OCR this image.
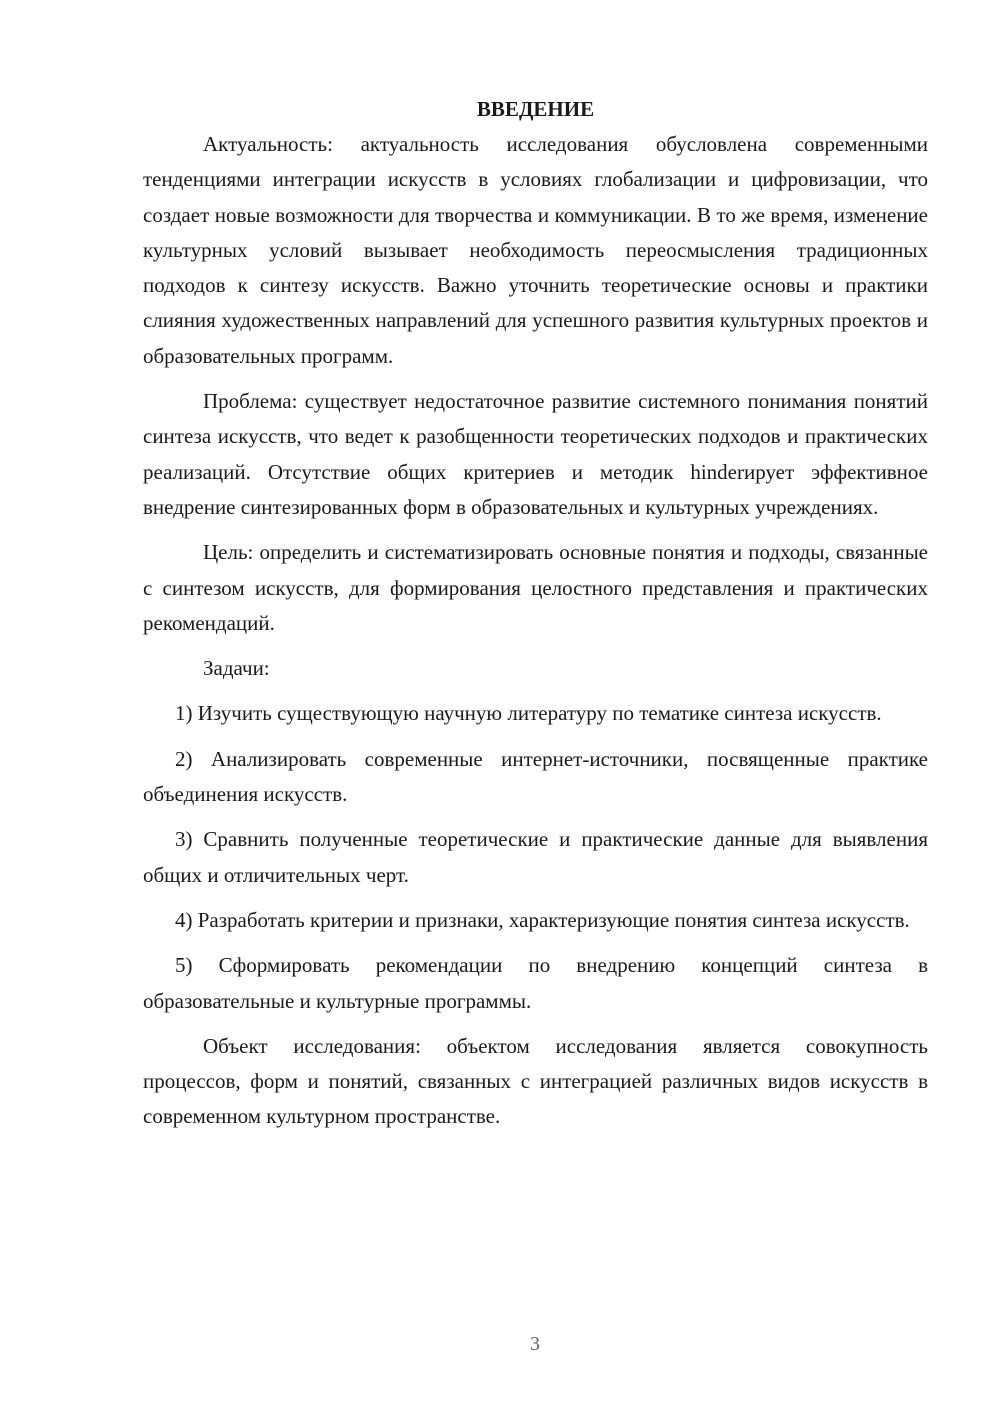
ВВЕДЕНИЕ

Актуальность: актуальность исследования обусловлена современными тенденциями интеграции искусств в условиях глобализации и цифровизации, что создает новые возможности для творчества и коммуникации. В то же время, изменение культурных условий вызывает необходимость переосмысления традиционных подходов к синтезу искусств. Важно уточнить теоретические основы и практики слияния художественных направлений для успешного развития культурных проектов и образовательных программ.

Проблема: существует недостаточное развитие системного понимания понятий синтеза искусств, что ведет к разобщенности теоретических подходов и практических реализаций. Отсутствие общих критериев и методик hinderирует эффективное внедрение синтезированных форм в образовательных и культурных учреждениях.

Цель: определить и систематизировать основные понятия и подходы, связанные с синтезом искусств, для формирования целостного представления и практических рекомендаций.

Задачи:

1) Изучить существующую научную литературу по тематике синтеза искусств.

2) Анализировать современные интернет-источники, посвященные практике объединения искусств.

3) Сравнить полученные теоретические и практические данные для выявления общих и отличительных черт.

4) Разработать критерии и признаки, характеризующие понятия синтеза искусств.

5) Сформировать рекомендации по внедрению концепций синтеза в образовательные и культурные программы.

Объект исследования: объектом исследования является совокупность процессов, форм и понятий, связанных с интеграцией различных видов искусств в современном культурном пространстве.

3
